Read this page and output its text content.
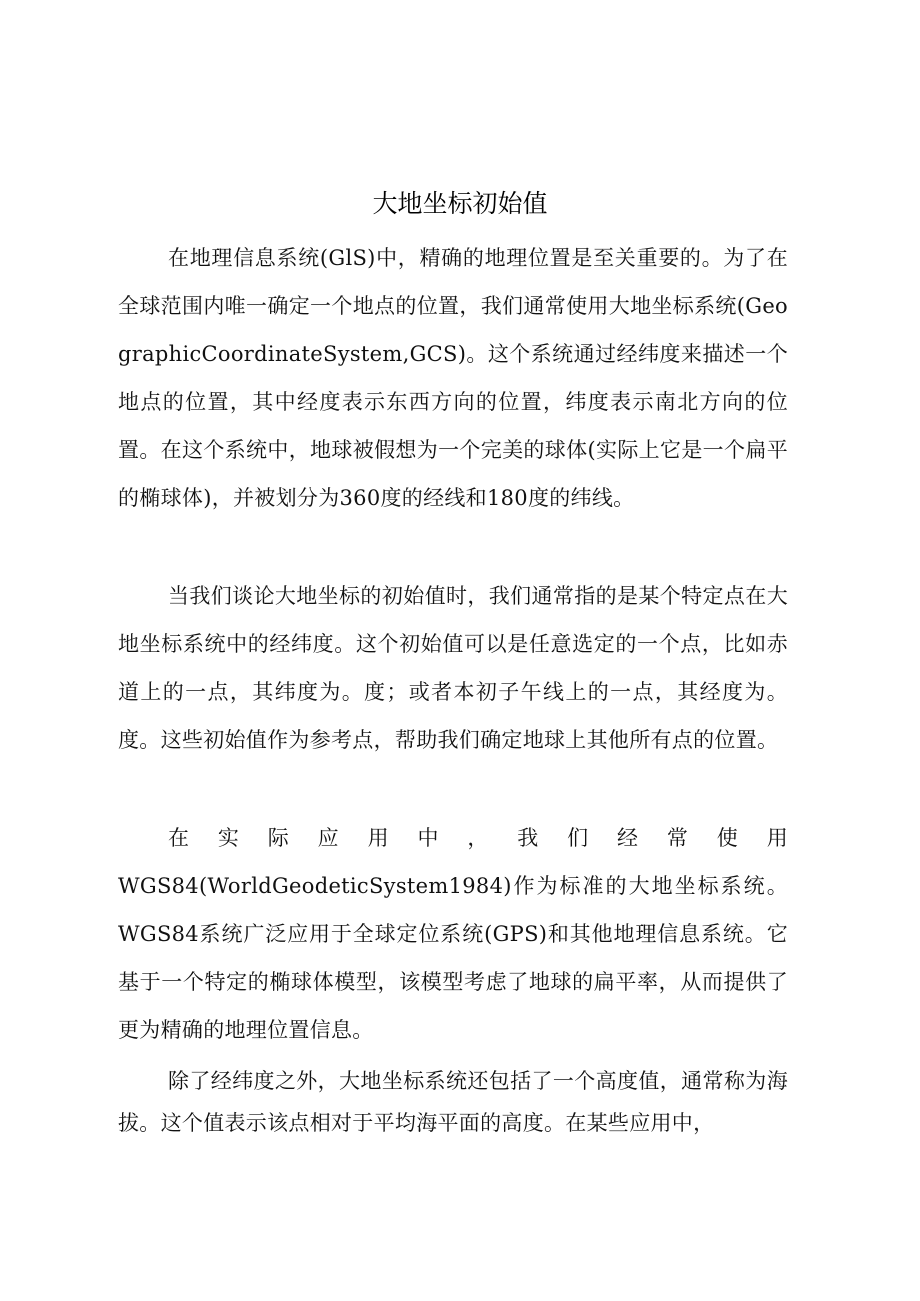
大地坐标初始值

在地理信息系统(GlS)中，精确的地理位置是至关重要的。为了在全球范围内唯一确定一个地点的位置，我们通常使用大地坐标系统(GeographicCoordinateSystem,GCS)。这个系统通过经纬度来描述一个地点的位置，其中经度表示东西方向的位置，纬度表示南北方向的位置。在这个系统中，地球被假想为一个完美的球体(实际上它是一个扁平的椭球体)，并被划分为360度的经线和180度的纬线。

当我们谈论大地坐标的初始值时，我们通常指的是某个特定点在大地坐标系统中的经纬度。这个初始值可以是任意选定的一个点，比如赤道上的一点，其纬度为。度；或者本初子午线上的一点，其经度为。度。这些初始值作为参考点，帮助我们确定地球上其他所有点的位置。

在实际应用中，我们经常使用
WGS84(WorldGeodeticSystem1984)作为标准的大地坐标系统。WGS84系统广泛应用于全球定位系统(GPS)和其他地理信息系统。它基于一个特定的椭球体模型，该模型考虑了地球的扁平率，从而提供了更为精确的地理位置信息。

除了经纬度之外，大地坐标系统还包括了一个高度值，通常称为海拔。这个值表示该点相对于平均海平面的高度。在某些应用中，
